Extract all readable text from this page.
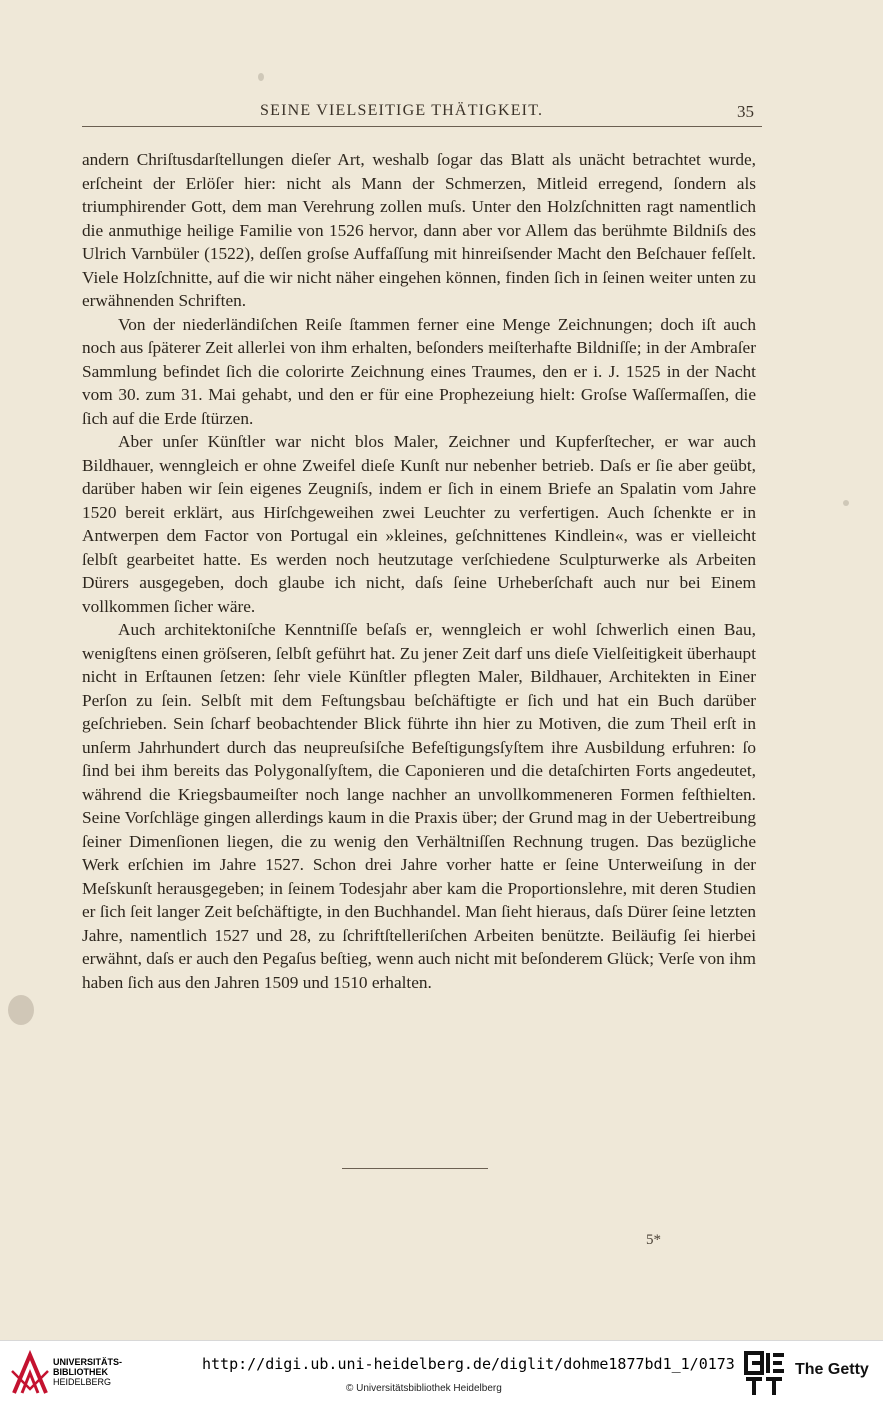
SEINE VIELSEITIGE THÄTIGKEIT.	35

andern Chriſtusdarſtellungen dieſer Art, weshalb ſogar das Blatt als unächt betrachtet wurde, erſcheint der Erlöſer hier: nicht als Mann der Schmerzen, Mitleid erregend, ſondern als triumphirender Gott, dem man Verehrung zollen muſs. Unter den Holzſchnitten ragt namentlich die anmuthige heilige Familie von 1526 hervor, dann aber vor Allem das berühmte Bildniſs des Ulrich Varnbüler (1522), deſſen groſse Auffaſſung mit hinreiſsender Macht den Beſchauer feſſelt. Viele Holzſchnitte, auf die wir nicht näher eingehen können, finden ſich in ſeinen weiter unten zu erwähnenden Schriften.

Von der niederländiſchen Reiſe ſtammen ferner eine Menge Zeichnungen; doch iſt auch noch aus ſpäterer Zeit allerlei von ihm erhalten, beſonders meiſterhafte Bildniſſe; in der Ambraſer Sammlung befindet ſich die colorirte Zeichnung eines Traumes, den er i. J. 1525 in der Nacht vom 30. zum 31. Mai gehabt, und den er für eine Prophezeiung hielt: Groſse Waſſermaſſen, die ſich auf die Erde ſtürzen.

Aber unſer Künſtler war nicht blos Maler, Zeichner und Kupferſtecher, er war auch Bildhauer, wenngleich er ohne Zweifel dieſe Kunſt nur nebenher betrieb. Daſs er ſie aber geübt, darüber haben wir ſein eigenes Zeugniſs, indem er ſich in einem Briefe an Spalatin vom Jahre 1520 bereit erklärt, aus Hirſchgeweihen zwei Leuchter zu verfertigen. Auch ſchenkte er in Antwerpen dem Factor von Portugal ein »kleines, geſchnittenes Kindlein«, was er vielleicht ſelbſt gearbeitet hatte. Es werden noch heutzutage verſchiedene Sculpturwerke als Arbeiten Dürers ausgegeben, doch glaube ich nicht, daſs ſeine Urheberſchaft auch nur bei Einem vollkommen ſicher wäre.

Auch architektoniſche Kenntniſſe beſaſs er, wenngleich er wohl ſchwerlich einen Bau, wenigſtens einen gröſseren, ſelbſt geführt hat. Zu jener Zeit darf uns dieſe Vielſeitigkeit überhaupt nicht in Erſtaunen ſetzen: ſehr viele Künſtler pflegten Maler, Bildhauer, Architekten in Einer Perſon zu ſein. Selbſt mit dem Feſtungsbau beſchäftigte er ſich und hat ein Buch darüber geſchrieben. Sein ſcharf beobachtender Blick führte ihn hier zu Motiven, die zum Theil erſt in unſerm Jahrhundert durch das neupreuſsiſche Befeſtigungsſyſtem ihre Ausbildung erfuhren: ſo ſind bei ihm bereits das Polygonalſyſtem, die Caponieren und die detaſchirten Forts angedeutet, während die Kriegsbaumeiſter noch lange nachher an unvollkommeneren Formen feſthielten. Seine Vorſchläge gingen allerdings kaum in die Praxis über; der Grund mag in der Uebertreibung ſeiner Dimenſionen liegen, die zu wenig den Verhältniſſen Rechnung trugen. Das bezügliche Werk erſchien im Jahre 1527. Schon drei Jahre vorher hatte er ſeine Unterweiſung in der Meſskunſt herausgegeben; in ſeinem Todesjahr aber kam die Proportionslehre, mit deren Studien er ſich ſeit langer Zeit beſchäftigte, in den Buchhandel. Man ſieht hieraus, daſs Dürer ſeine letzten Jahre, namentlich 1527 und 28, zu ſchriftſtelleriſchen Arbeiten benützte. Beiläufig ſei hierbei erwähnt, daſs er auch den Pegaſus beſtieg, wenn auch nicht mit beſonderem Glück; Verſe von ihm haben ſich aus den Jahren 1509 und 1510 erhalten.

5*
UNIVERSITÄTS-
BIBLIOTHEK
HEIDELBERG
http://digi.ub.uni-heidelberg.de/diglit/dohme1877bd1_1/0173
© Universitätsbibliothek Heidelberg
The Getty
